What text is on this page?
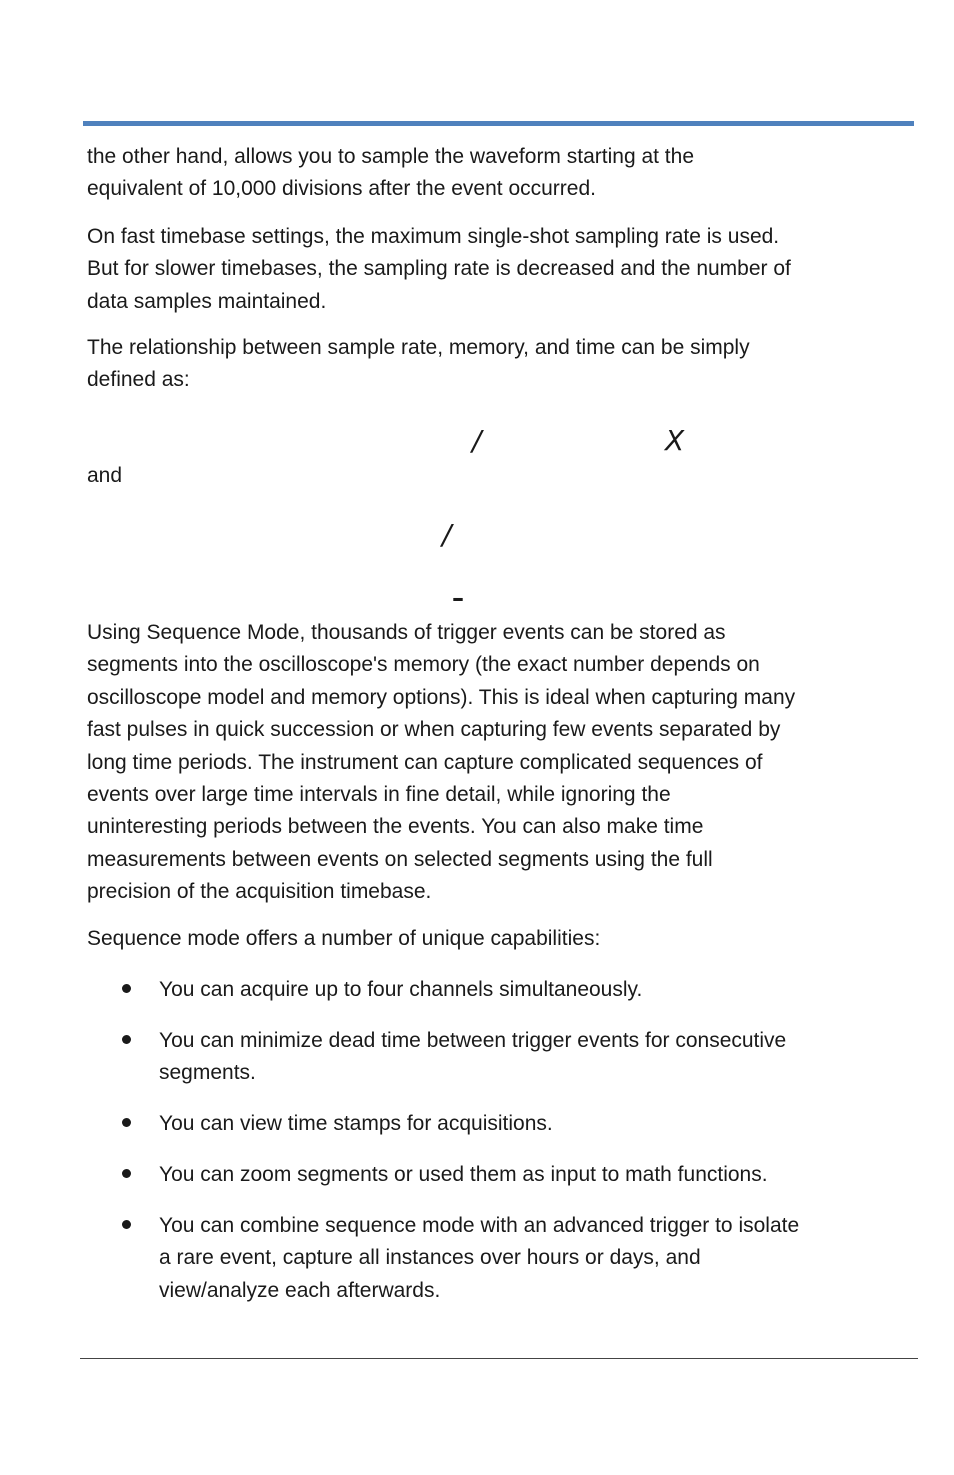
the other hand, allows you to sample the waveform starting at the
equivalent of 10,000 divisions after the event occurred.

On fast timebase settings, the maximum single-shot sampling rate is used.
But for slower timebases, the sampling rate is decreased and the number of
data samples maintained.

The relationship between sample rate, memory, and time can be simply
defined as:

/	X

and

/
–

Using Sequence Mode, thousands of trigger events can be stored as
segments into the oscilloscope's memory (the exact number depends on
oscilloscope model and memory options). This is ideal when capturing many
fast pulses in quick succession or when capturing few events separated by
long time periods. The instrument can capture complicated sequences of
events over large time intervals in fine detail, while ignoring the
uninteresting periods between the events. You can also make time
measurements between events on selected segments using the full
precision of the acquisition timebase.

Sequence mode offers a number of unique capabilities:

You can acquire up to four channels simultaneously.
You can minimize dead time between trigger events for consecutive
segments.
You can view time stamps for acquisitions.
You can zoom segments or used them as input to math functions.
You can combine sequence mode with an advanced trigger to isolate
a rare event, capture all instances over hours or days, and
view/analyze each afterwards.
